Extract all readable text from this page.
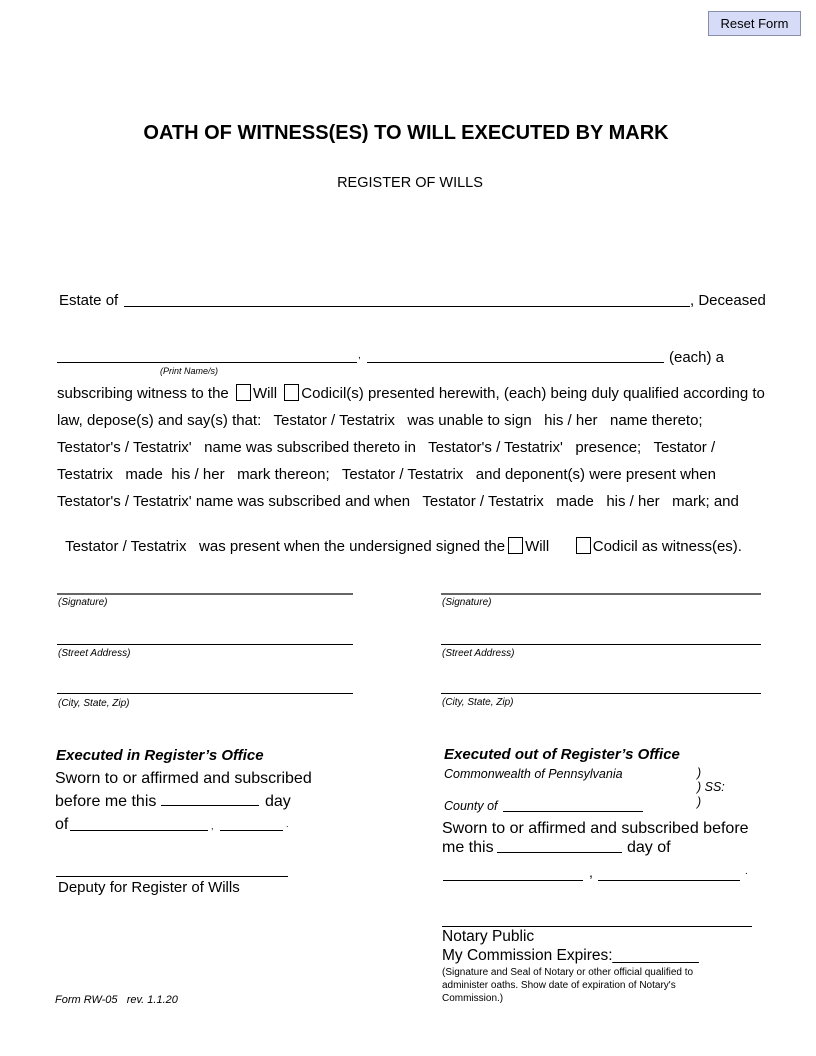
Reset Form
OATH OF WITNESS(ES) TO WILL EXECUTED BY MARK
REGISTER OF WILLS
Estate of	, Deceased
,	(each) a
(Print Name/s)
subscribing witness to the Will Codicil(s) presented herewith, (each) being duly qualified according to
law, depose(s) and say(s) that:   Testator / Testatrix   was unable to sign   his / her   name thereto;
Testator's / Testatrix'   name was subscribed thereto in   Testator's / Testatrix'   presence;   Testator /
Testatrix   made  his / her   mark thereon;   Testator / Testatrix   and deponent(s) were present when
Testator's / Testatrix' name was subscribed and when   Testator / Testatrix   made   his / her   mark; and

Testator / Testatrix   was present when the undersigned signed the Will	Codicil as witness(es).

(Signature)
(Street Address)
(City, State, Zip)
(Signature)
(Street Address)
(City, State, Zip)
Executed in Register’s Office
Sworn to or affirmed and subscribed
before me this	day
of	,	.
Deputy for Register of Wills
Executed out of Register’s Office
Commonwealth of Pennsylvania	)
) SS:
)
County of
Sworn to or affirmed and subscribed before
me this	day of
,	.
Notary Public
My Commission Expires:__________
(Signature and Seal of Notary or other official qualified to administer oaths. Show date of expiration of Notary's Commission.)
Form RW-05   rev. 1.1.20
